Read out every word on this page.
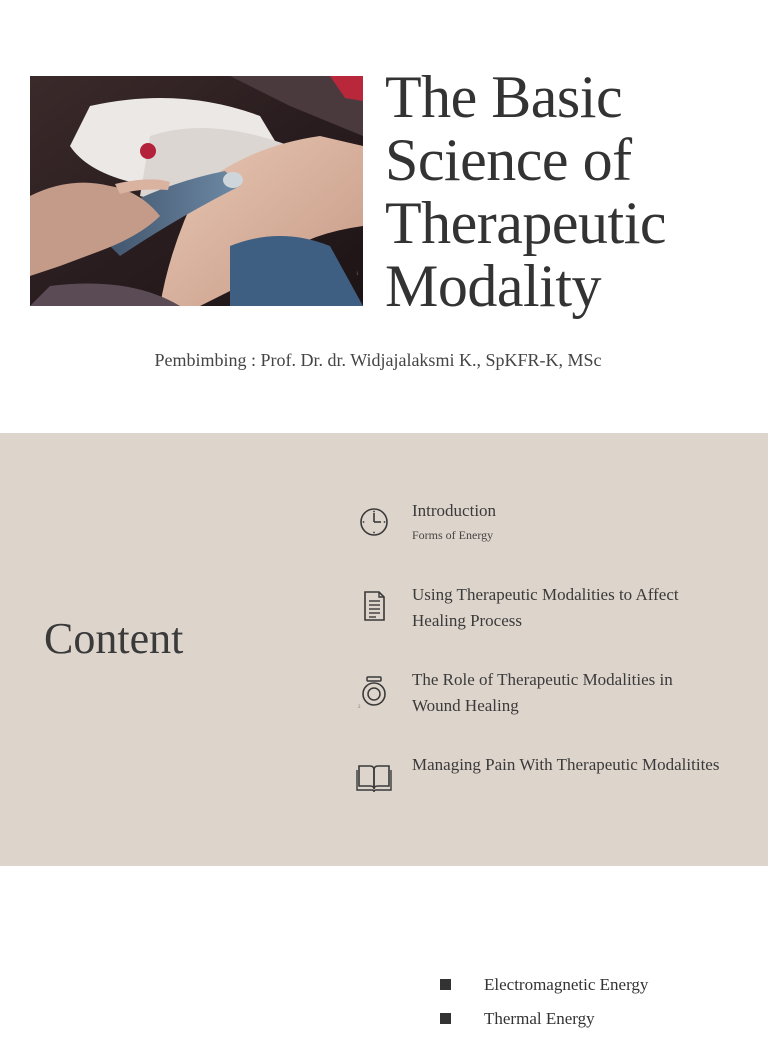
1
The Basic Science of Therapeutic Modality

Pembimbing : Prof. Dr. dr. Widjajalaksmi K., SpKFR-K, MSc

Content

Introduction

Forms of Energy

Using Therapeutic Modalities to Affect Healing Process

2

The Role of Therapeutic Modalities in Wound Healing

Managing Pain With Therapeutic Modalitites

Electromagnetic Energy
Thermal Energy
